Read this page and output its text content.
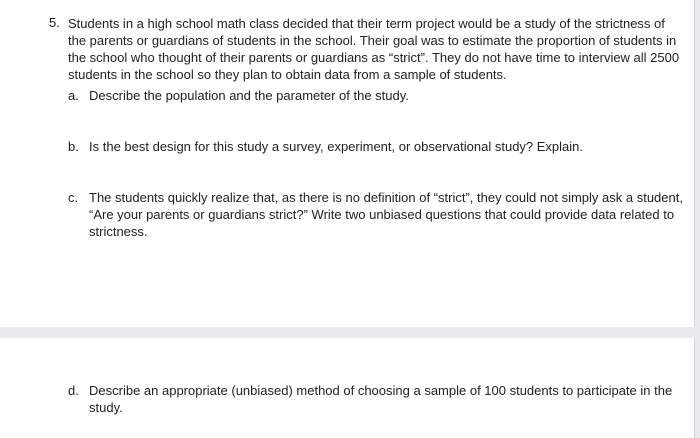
5. Students in a high school math class decided that their term project would be a study of the strictness of
the parents or guardians of students in the school. Their goal was to estimate the proportion of students in
the school who thought of their parents or guardians as “strict”. They do not have time to interview all 2500
students in the school so they plan to obtain data from a sample of students.
a. Describe the population and the parameter of the study.
b. Is the best design for this study a survey, experiment, or observational study? Explain.
c. The students quickly realize that, as there is no definition of “strict”, they could not simply ask a student,
“Are your parents or guardians strict?” Write two unbiased questions that could provide data related to
strictness.
d. Describe an appropriate (unbiased) method of choosing a sample of 100 students to participate in the
study.
